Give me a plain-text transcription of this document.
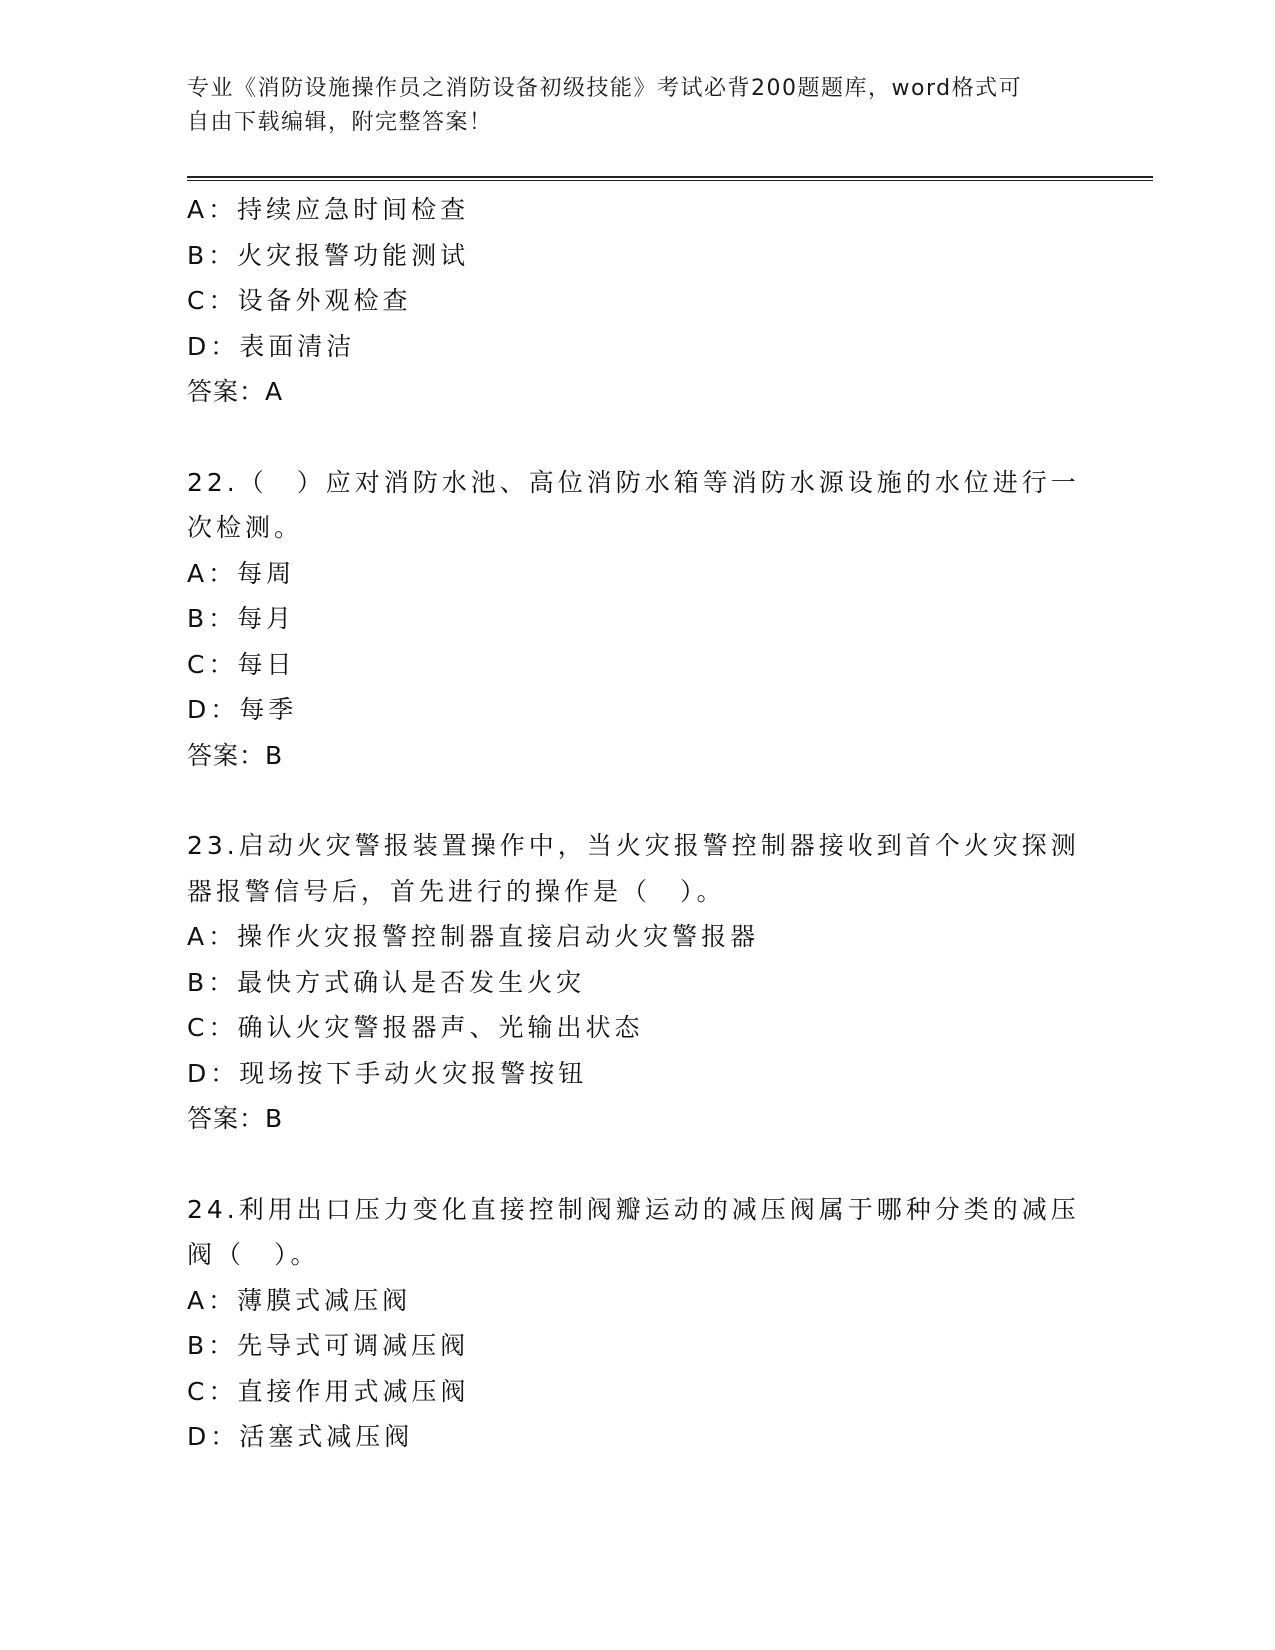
专业《消防设施操作员之消防设备初级技能》考试必背200题题库，word格式可
自由下载编辑，附完整答案！
A：持续应急时间检查
B：火灾报警功能测试
C：设备外观检查
D：表面清洁
答案：A
22.（　）应对消防水池、高位消防水箱等消防水源设施的水位进行一
次检测。
A：每周
B：每月
C：每日
D：每季
答案：B
23.启动火灾警报装置操作中，当火灾报警控制器接收到首个火灾探测
器报警信号后，首先进行的操作是（　）。
A：操作火灾报警控制器直接启动火灾警报器
B：最快方式确认是否发生火灾
C：确认火灾警报器声、光输出状态
D：现场按下手动火灾报警按钮
答案：B
24.利用出口压力变化直接控制阀瓣运动的减压阀属于哪种分类的减压
阀（　）。
A：薄膜式减压阀
B：先导式可调减压阀
C：直接作用式减压阀
D：活塞式减压阀
